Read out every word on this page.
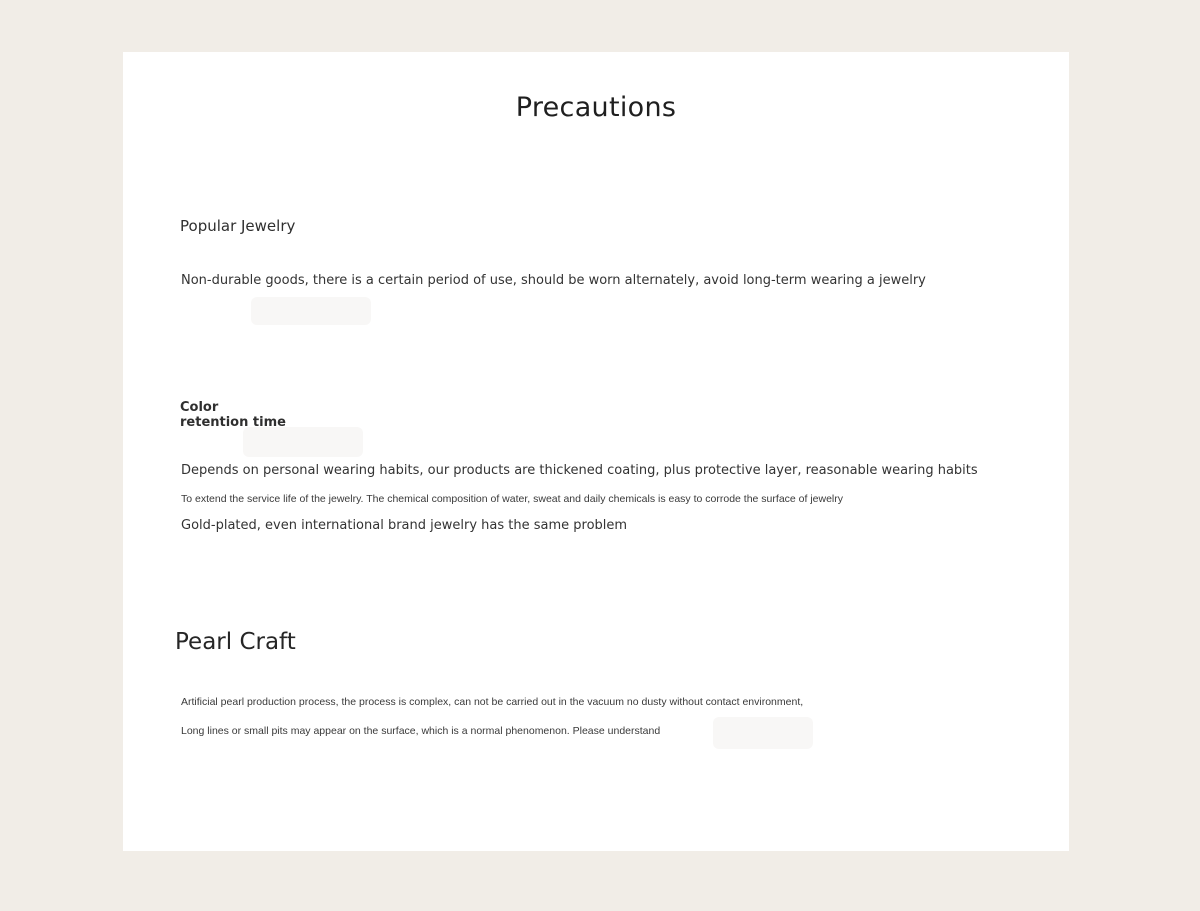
Precautions
Popular Jewelry

Non-durable goods, there is a certain period of use, should be worn alternately, avoid long-term wearing a jewelry

Color retention time

Depends on personal wearing habits, our products are thickened coating, plus protective layer, reasonable wearing habits

To extend the service life of the jewelry. The chemical composition of water, sweat and daily chemicals is easy to corrode the surface of jewelry

Gold-plated, even international brand jewelry has the same problem

Pearl Craft

Artificial pearl production process, the process is complex, can not be carried out in the vacuum no dusty without contact environment,

Long lines or small pits may appear on the surface, which is a normal phenomenon. Please understand
